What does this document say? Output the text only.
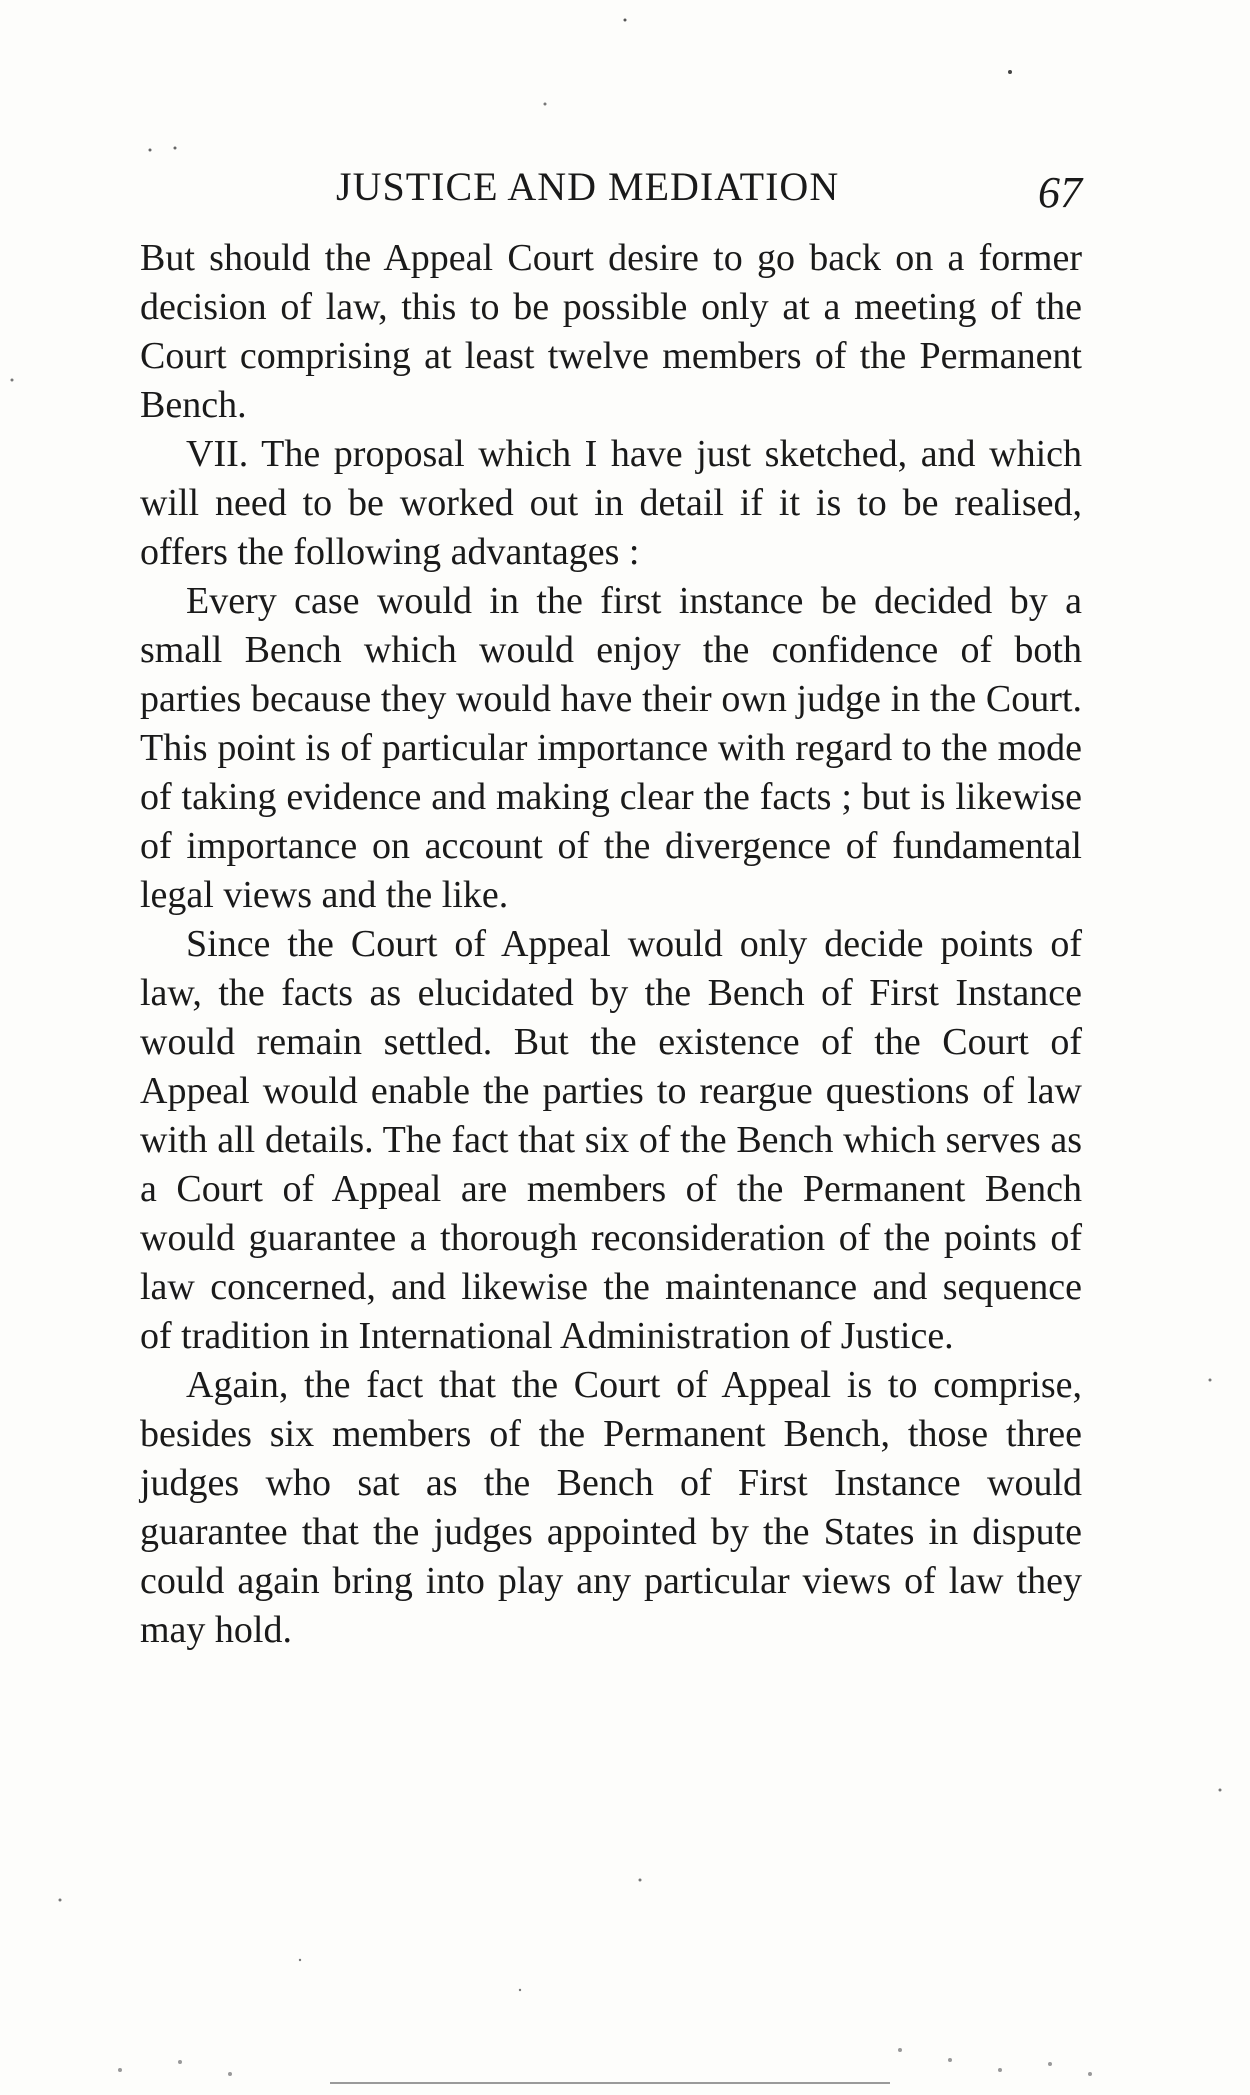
JUSTICE AND MEDIATION	67

But should the Appeal Court desire to go back on a former decision of law, this to be possible only at a meeting of the Court comprising at least twelve members of the Permanent Bench.

VII. The proposal which I have just sketched, and which will need to be worked out in detail if it is to be realised, offers the following advantages :

Every case would in the first instance be decided by a small Bench which would enjoy the confidence of both parties because they would have their own judge in the Court. This point is of particular importance with regard to the mode of taking evidence and making clear the facts ; but is likewise of importance on account of the divergence of fundamental legal views and the like.

Since the Court of Appeal would only decide points of law, the facts as elucidated by the Bench of First Instance would remain settled. But the existence of the Court of Appeal would enable the parties to reargue questions of law with all details. The fact that six of the Bench which serves as a Court of Appeal are members of the Permanent Bench would guarantee a thorough reconsideration of the points of law concerned, and likewise the maintenance and sequence of tradition in International Administration of Justice.

Again, the fact that the Court of Appeal is to comprise, besides six members of the Permanent Bench, those three judges who sat as the Bench of First Instance would guarantee that the judges appointed by the States in dispute could again bring into play any particular views of law they may hold.
